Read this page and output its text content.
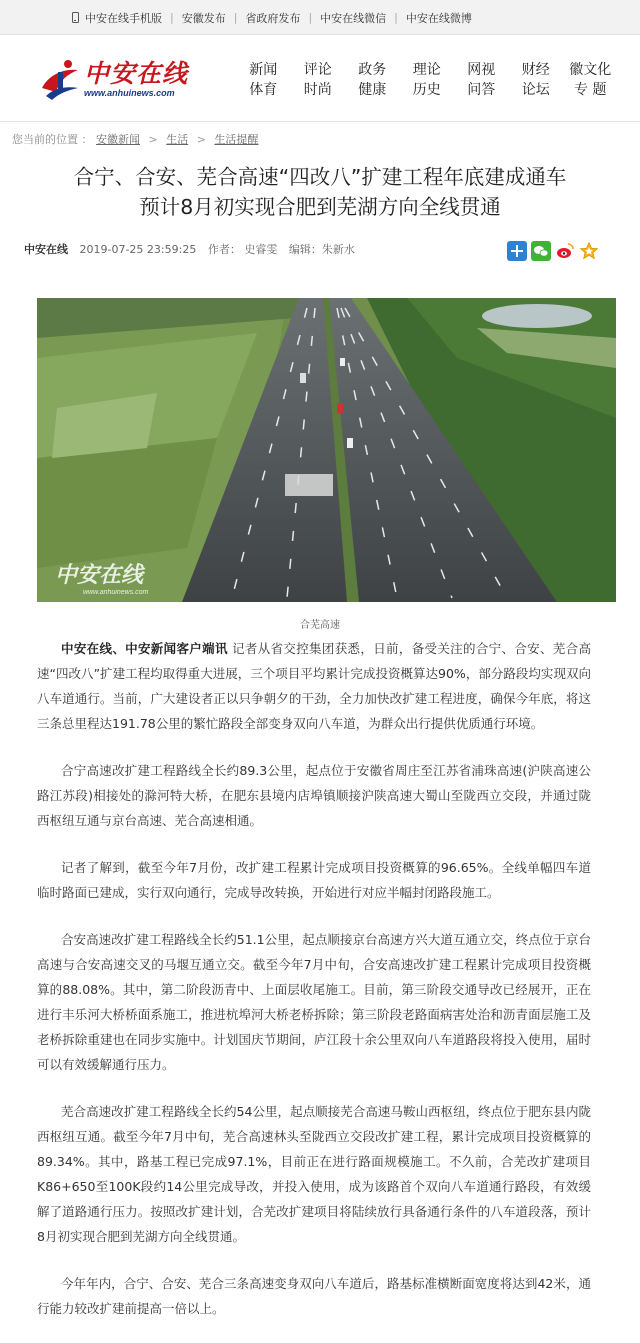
中安在线手机版 | 安徽发布 | 省政府发布 | 中安在线微信 | 中安在线微博
中安在线
www.anhuinews.com
新闻
体育
评论
时尚
政务
健康
理论
历史
网视
问答
财经
论坛
徽文化
专 题
您当前的位置 ： 安徽新闻 > 生活 > 生活提醒
合宁、合安、芜合高速“四改八”扩建工程年底建成通车
预计8月初实现合肥到芜湖方向全线贯通
中安在线 2019-07-25 23:59:25 作者： 史睿雯 编辑：朱新水
中安在线
www.anhuinews.com
合芜高速

中安在线、中安新闻客户端讯 记者从省交控集团获悉，日前，备受关注的合宁、合安、芜合高速“四改八”扩建工程均取得重大进展，三个项目平均累计完成投资概算达90%，部分路段均实现双向八车道通行。当前，广大建设者正以只争朝夕的干劲，全力加快改扩建工程进度，确保今年底，将这三条总里程达191.78公里的繁忙路段全部变身双向八车道，为群众出行提供优质通行环境。

合宁高速改扩建工程路线全长约89.3公里，起点位于安徽省周庄至江苏省浦珠高速(沪陕高速公路江苏段)相接处的滁河特大桥，在肥东县境内店埠镇顺接沪陕高速大蜀山至陇西立交段，并通过陇西枢纽互通与京台高速、芜合高速相通。

记者了解到，截至今年7月份，改扩建工程累计完成项目投资概算的96.65%。全线单幅四车道临时路面已建成，实行双向通行，完成导改转换，开始进行对应半幅封闭路段施工。

合安高速改扩建工程路线全长约51.1公里，起点顺接京台高速方兴大道互通立交，终点位于京台高速与合安高速交叉的马堰互通立交。截至今年7月中旬，合安高速改扩建工程累计完成项目投资概算的88.08%。其中，第二阶段沥青中、上面层收尾施工。目前，第三阶段交通导改已经展开，正在进行丰乐河大桥桥面系施工，推进杭埠河大桥老桥拆除；第三阶段老路面病害处治和沥青面层施工及老桥拆除重建也在同步实施中。计划国庆节期间，庐江段十余公里双向八车道路段将投入使用，届时可以有效缓解通行压力。

芜合高速改扩建工程路线全长约54公里，起点顺接芜合高速马鞍山西枢纽，终点位于肥东县内陇西枢纽互通。截至今年7月中旬，芜合高速林头至陇西立交段改扩建工程，累计完成项目投资概算的89.34%。其中，路基工程已完成97.1%，目前正在进行路面规模施工。不久前，合芜改扩建项目K86+650至100K段约14公里完成导改，并投入使用，成为该路首个双向八车道通行路段，有效缓解了道路通行压力。按照改扩建计划，合芜改扩建项目将陆续放行具备通行条件的八车道段落，预计8月初实现合肥到芜湖方向全线贯通。

今年年内，合宁、合安、芜合三条高速变身双向八车道后，路基标准横断面宽度将达到42米，通行能力较改扩建前提高一倍以上。
